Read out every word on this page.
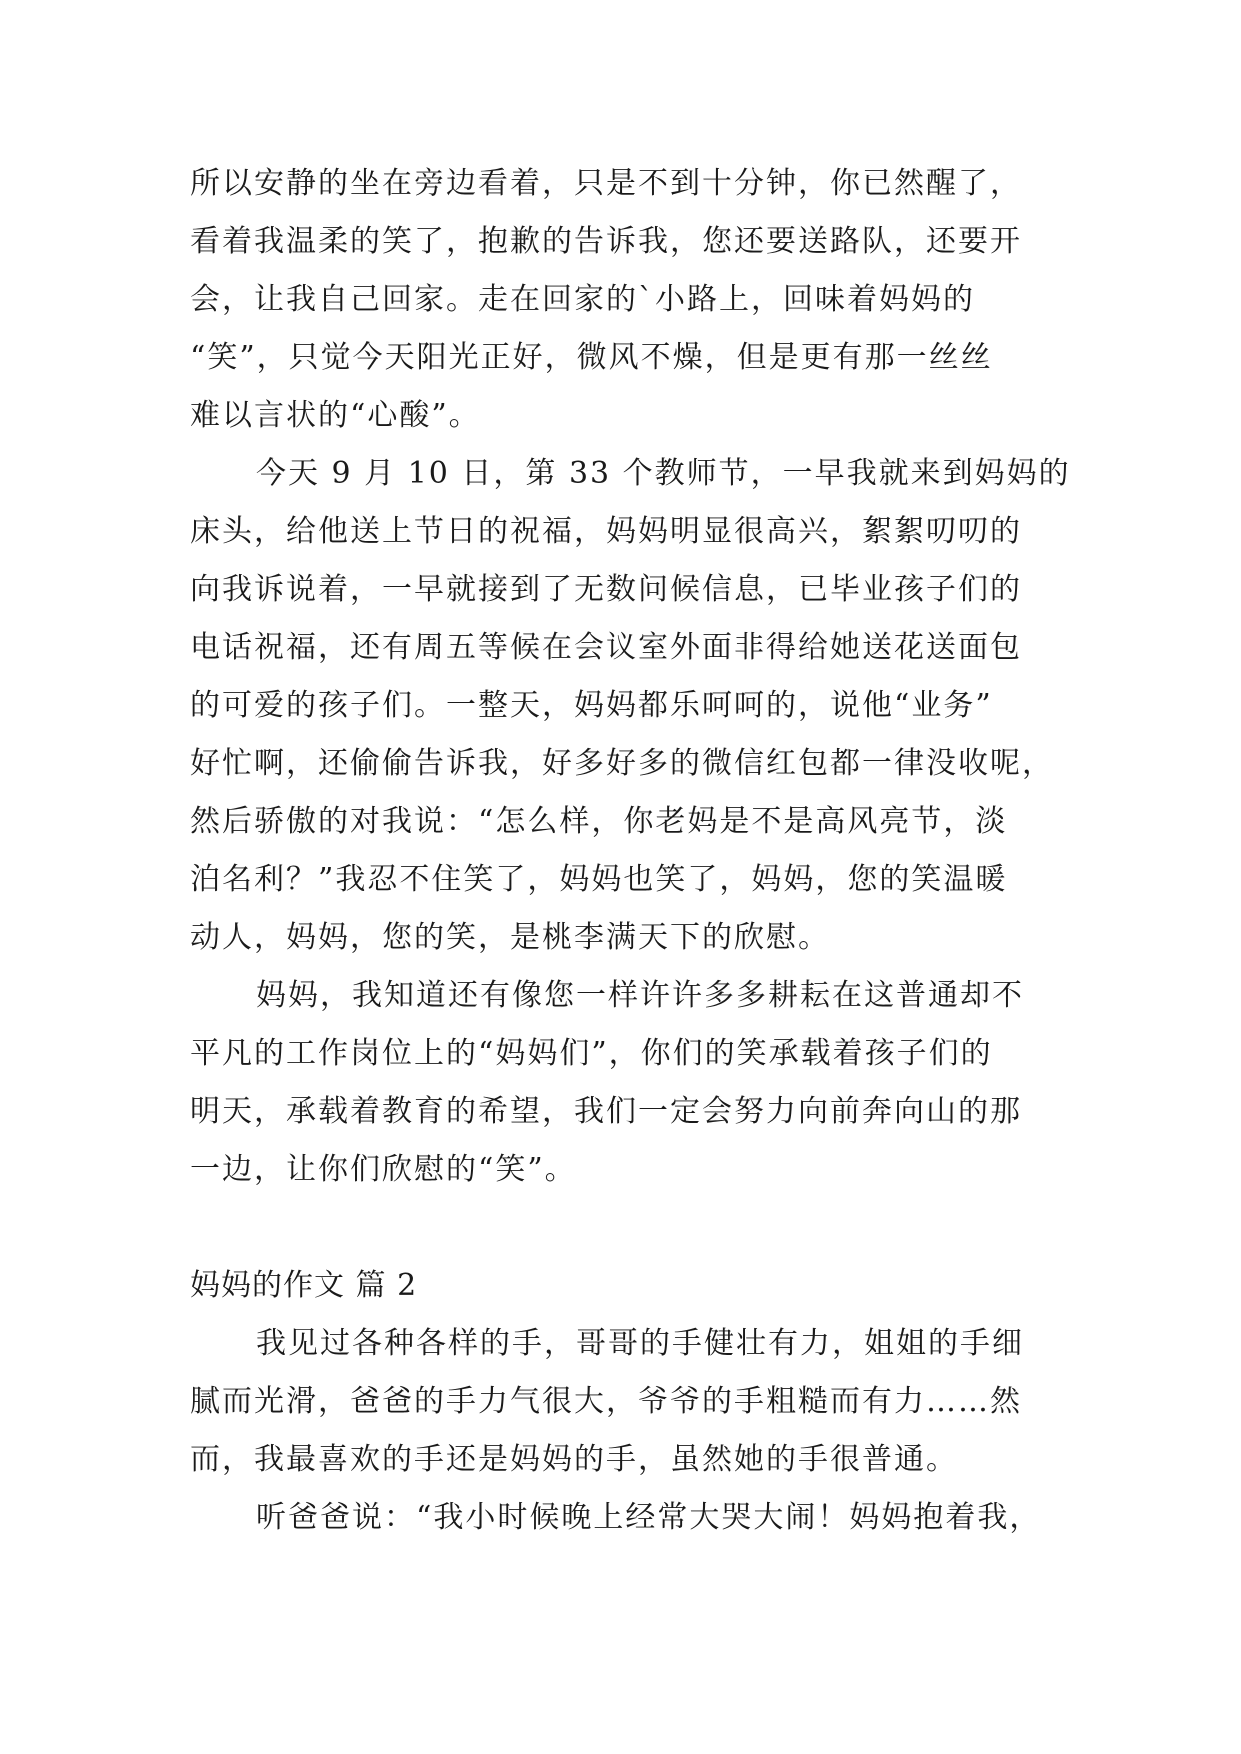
所以安静的坐在旁边看着，只是不到十分钟，你已然醒了，
看着我温柔的笑了，抱歉的告诉我，您还要送路队，还要开
会，让我自己回家。走在回家的`小路上，回味着妈妈的
“笑”，只觉今天阳光正好，微风不燥，但是更有那一丝丝
难以言状的“心酸”。
今天 9 月 10 日，第 33 个教师节，一早我就来到妈妈的
床头，给他送上节日的祝福，妈妈明显很高兴，絮絮叨叨的
向我诉说着，一早就接到了无数问候信息，已毕业孩子们的
电话祝福，还有周五等候在会议室外面非得给她送花送面包
的可爱的孩子们。一整天，妈妈都乐呵呵的，说他“业务”
好忙啊，还偷偷告诉我，好多好多的微信红包都一律没收呢，
然后骄傲的对我说：“怎么样，你老妈是不是高风亮节，淡
泊名利？”我忍不住笑了，妈妈也笑了，妈妈，您的笑温暖
动人，妈妈，您的笑，是桃李满天下的欣慰。
妈妈，我知道还有像您一样许许多多耕耘在这普通却不
平凡的工作岗位上的“妈妈们”，你们的笑承载着孩子们的
明天，承载着教育的希望，我们一定会努力向前奔向山的那
一边，让你们欣慰的“笑”。
妈妈的作文 篇 2
我见过各种各样的手，哥哥的手健壮有力，姐姐的手细
腻而光滑，爸爸的手力气很大，爷爷的手粗糙而有力……然
而，我最喜欢的手还是妈妈的手，虽然她的手很普通。
听爸爸说：“我小时候晚上经常大哭大闹！妈妈抱着我，
